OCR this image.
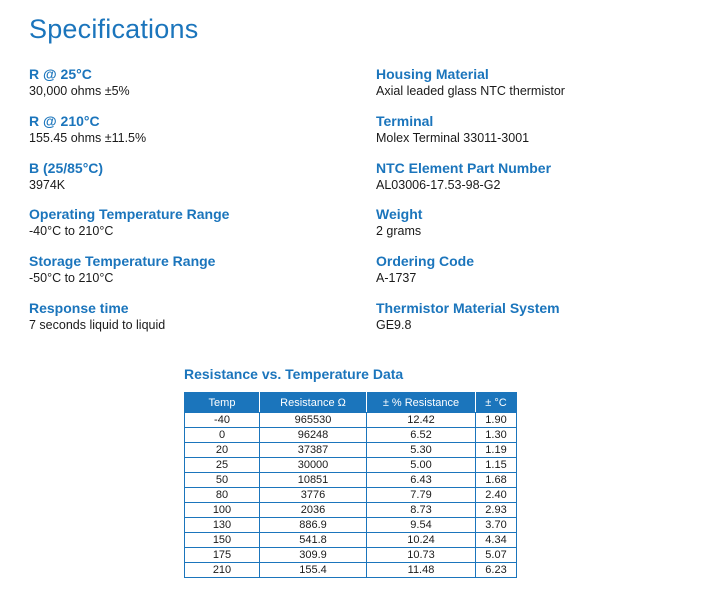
Specifications
R @ 25°C
30,000 ohms ±5%
R @ 210°C
155.45 ohms ±11.5%
B (25/85°C)
3974K
Operating Temperature Range
-40°C to 210°C
Storage Temperature Range
-50°C to 210°C
Response time
7 seconds liquid to liquid
Housing Material
Axial leaded glass NTC thermistor
Terminal
Molex Terminal 33011-3001
NTC Element Part Number
AL03006-17.53-98-G2
Weight
2 grams
Ordering Code
A-1737
Thermistor Material System
GE9.8
Resistance vs. Temperature Data
Temp	Resistance Ω	± % Resistance	± °C
-40	965530	12.42	1.90
0	96248	6.52	1.30
20	37387	5.30	1.19
25	30000	5.00	1.15
50	10851	6.43	1.68
80	3776	7.79	2.40
100	2036	8.73	2.93
130	886.9	9.54	3.70
150	541.8	10.24	4.34
175	309.9	10.73	5.07
210	155.4	11.48	6.23
